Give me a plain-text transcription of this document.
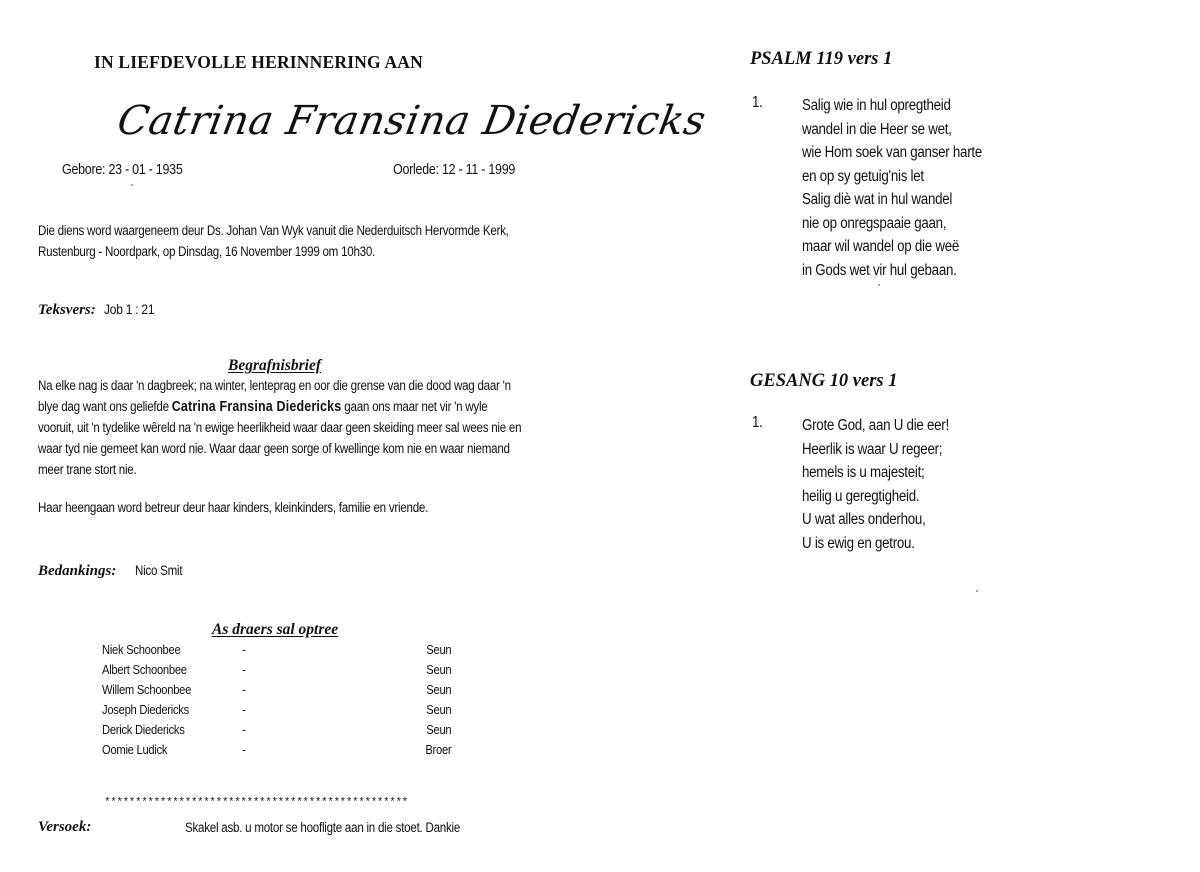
IN LIEFDEVOLLE HERINNERING AAN
Catrina Fransina Diedericks
Gebore: 23 - 01 - 1935	Oorlede: 12 - 11 - 1999
Die diens word waargeneem deur Ds. Johan Van Wyk vanuit die Nederduitsch Hervormde Kerk,
Rustenburg - Noordpark, op Dinsdag, 16 November 1999 om 10h30.
Teksvers: Job 1 : 21
Begrafnisbrief
Na elke nag is daar 'n dagbreek; na winter, lenteprag en oor die grense van die dood wag daar 'n
blye dag want ons geliefde Catrina Fransina Diedericks gaan ons maar net vir 'n wyle
vooruit, uit 'n tydelike wêreld na 'n ewige heerlikheid waar daar geen skeiding meer sal wees nie en
waar tyd nie gemeet kan word nie. Waar daar geen sorge of kwellinge kom nie en waar niemand
meer trane stort nie.
Haar heengaan word betreur deur haar kinders, kleinkinders, familie en vriende.
Bedankings: Nico Smit
As draers sal optree
Niek Schoonbee	-	Seun
Albert Schoonbee	-	Seun
Willem Schoonbee	-	Seun
Joseph Diedericks	-	Seun
Derick Diedericks	-	Seun
Oomie Ludick	-	Broer
*************************************************
Versoek:	Skakel asb. u motor se hoofligte aan in die stoet. Dankie
PSALM 119 vers 1
1.	Salig wie in hul opregtheid
wandel in die Heer se wet,
wie Hom soek van ganser harte
en op sy getuig'nis let
Salig diè wat in hul wandel
nie op onregspaaie gaan,
maar wil wandel op die weë
in Gods wet vir hul gebaan.
GESANG 10 vers 1
1.	Grote God, aan U die eer!
Heerlik is waar U regeer;
hemels is u majesteit;
heilig u geregtigheid.
U wat alles onderhou,
U is ewig en getrou.
